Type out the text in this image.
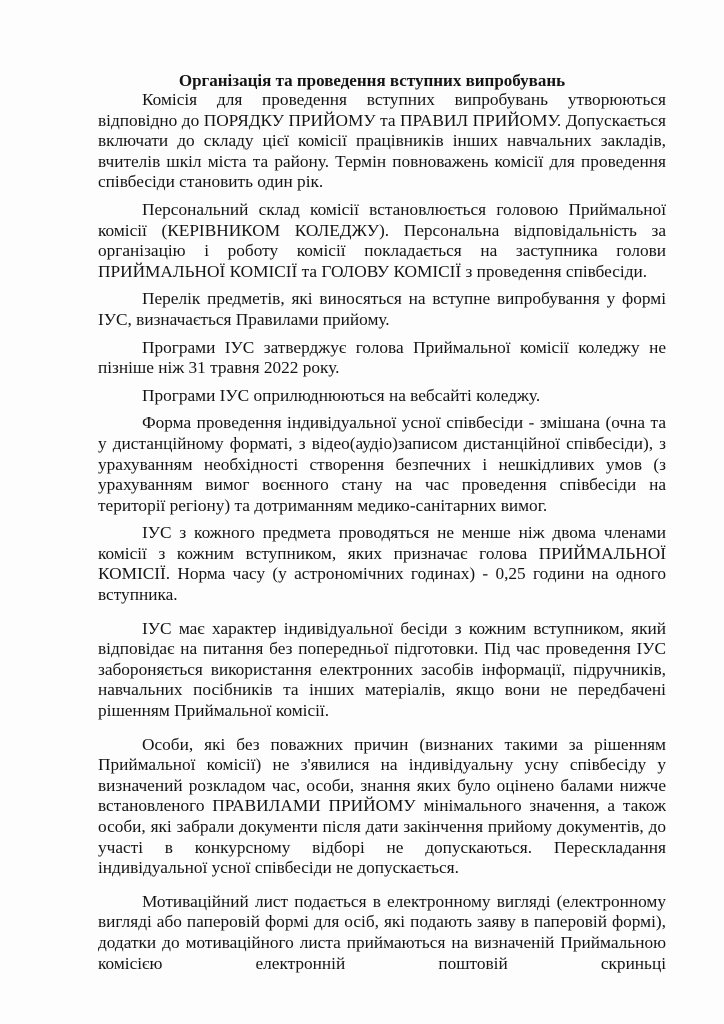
Організація та проведення вступних випробувань

Комісія для проведення вступних випробувань утворюються відповідно до ПОРЯДКУ ПРИЙОМУ та ПРАВИЛ ПРИЙОМУ. Допускається включати до складу цієї комісії працівників інших навчальних закладів, вчителів шкіл міста та району. Термін повноважень комісії для проведення співбесіди становить один рік.

Персональний склад комісії встановлюється головою Приймальної комісії (КЕРІВНИКОМ КОЛЕДЖУ). Персональна відповідальність за організацію і роботу комісії покладається на заступника голови ПРИЙМАЛЬНОЇ КОМІСІЇ та ГОЛОВУ КОМІСІЇ з проведення співбесіди.

Перелік предметів, які виносяться на вступне випробування у формі ІУС, визначається Правилами прийому.

Програми ІУС затверджує голова Приймальної комісії коледжу не пізніше ніж 31 травня 2022 року.

Програми ІУС оприлюднюються на вебсайті коледжу.

Форма проведення індивідуальної усної співбесіди - змішана (очна та у дистанційному форматі, з відео(аудіо)записом дистанційної співбесіди), з урахуванням необхідності створення безпечних і нешкідливих умов (з урахуванням вимог воєнного стану на час проведення співбесіди на території регіону) та дотриманням медико-санітарних вимог.

ІУС з кожного предмета проводяться не менше ніж двома членами комісії з кожним вступником, яких призначає голова ПРИЙМАЛЬНОЇ КОМІСІЇ. Норма часу (у астрономічних годинах) - 0,25 години на одного вступника.

ІУС має характер індивідуальної бесіди з кожним вступником, який відповідає на питання без попередньої підготовки. Під час проведення ІУС забороняється використання електронних засобів інформації, підручників, навчальних посібників та інших матеріалів, якщо вони не передбачені рішенням Приймальної комісії.

Особи, які без поважних причин (визнаних такими за рішенням Приймальної комісії) не з'явилися на індивідуальну усну співбесіду у визначений розкладом час, особи, знання яких було оцінено балами нижче встановленого ПРАВИЛАМИ ПРИЙОМУ мінімального значення, а також особи, які забрали документи після дати закінчення прийому документів, до участі в конкурсному відборі не допускаються. Перескладання індивідуальної усної співбесіди не допускається.

Мотиваційний лист подається в електронному вигляді (електронному вигляді або паперовій формі для осіб, які подають заяву в паперовій формі), додатки до мотиваційного листа приймаються на визначеній Приймальною комісією електронній поштовій скриньці
